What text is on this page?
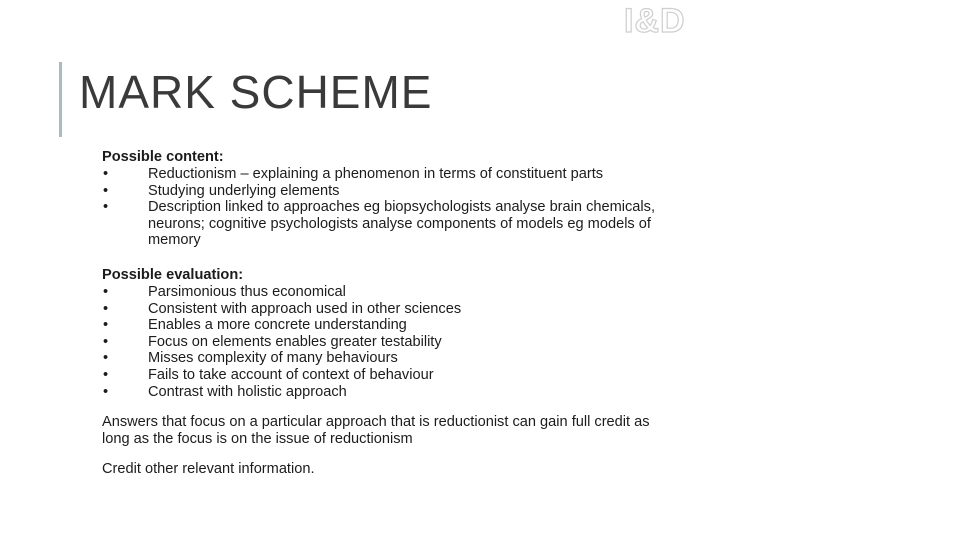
I&D
MARK SCHEME

Possible content:

•	Reductionism – explaining a phenomenon in terms of constituent parts
•	Studying underlying elements
•	Description linked to approaches eg biopsychologists analyse brain chemicals, neurons; cognitive psychologists analyse components of models eg models of memory

Possible evaluation:

•	Parsimonious thus economical
•	Consistent with approach used in other sciences
•	Enables a more concrete understanding
•	Focus on elements enables greater testability
•	Misses complexity of many behaviours
•	Fails to take account of context of behaviour
•	Contrast with holistic approach

Answers that focus on a particular approach that is reductionist can gain full credit as long as the focus is on the issue of reductionism

Credit other relevant information.
